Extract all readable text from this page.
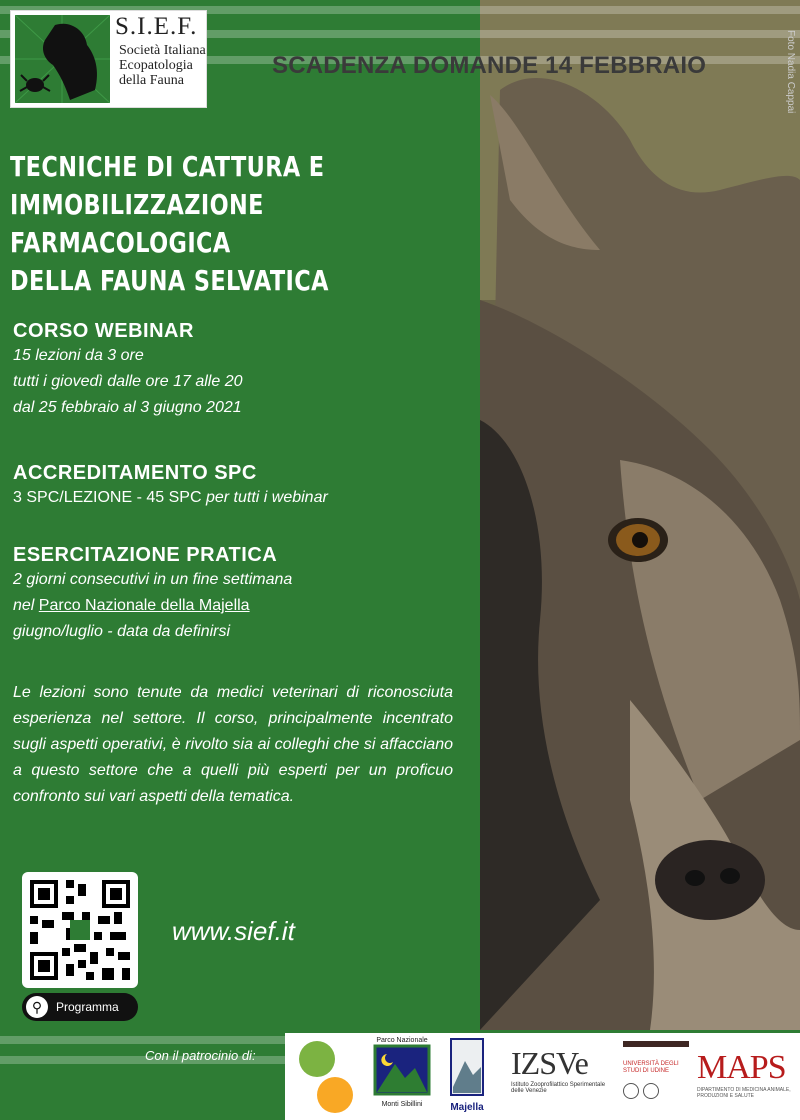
S.I.E.F.
Società Italiana
Ecopatologia
della Fauna
SCADENZA DOMANDE 14 FEBBRAIO	Foto Nadia Cappai
TECNICHE DI CATTURA E
IMMOBILIZZAZIONE FARMACOLOGICA
DELLA FAUNA SELVATICA
CORSO WEBINAR

15 lezioni da 3 ore

tutti i giovedì dalle ore 17 alle 20

dal 25 febbraio al 3 giugno 2021

ACCREDITAMENTO SPC

3 SPC/LEZIONE - 45 SPC per tutti i webinar

ESERCITAZIONE PRATICA

2 giorni consecutivi in un fine settimana

nel Parco Nazionale della Majella

giugno/luglio - data da definirsi

Le lezioni sono tenute da medici veterinari di riconosciuta esperienza nel settore. Il corso, principalmente incentrato sugli aspetti operativi, è rivolto sia ai colleghi che si affacciano a questo settore che a quelli più esperti per un proficuo confronto sui vari aspetti della tematica.
⚲	Programma
www.sief.it
Con il patrocinio di:
Parco Nazionale
Monti Sibillini	Majella
IZSVe
Istituto Zooprofilattico Sperimentale delle Venezie
UNIVERSITÀ DEGLI STUDI DI UDINE MAPS
DIPARTIMENTO DI MEDICINA ANIMALE, PRODUZIONI E SALUTE
